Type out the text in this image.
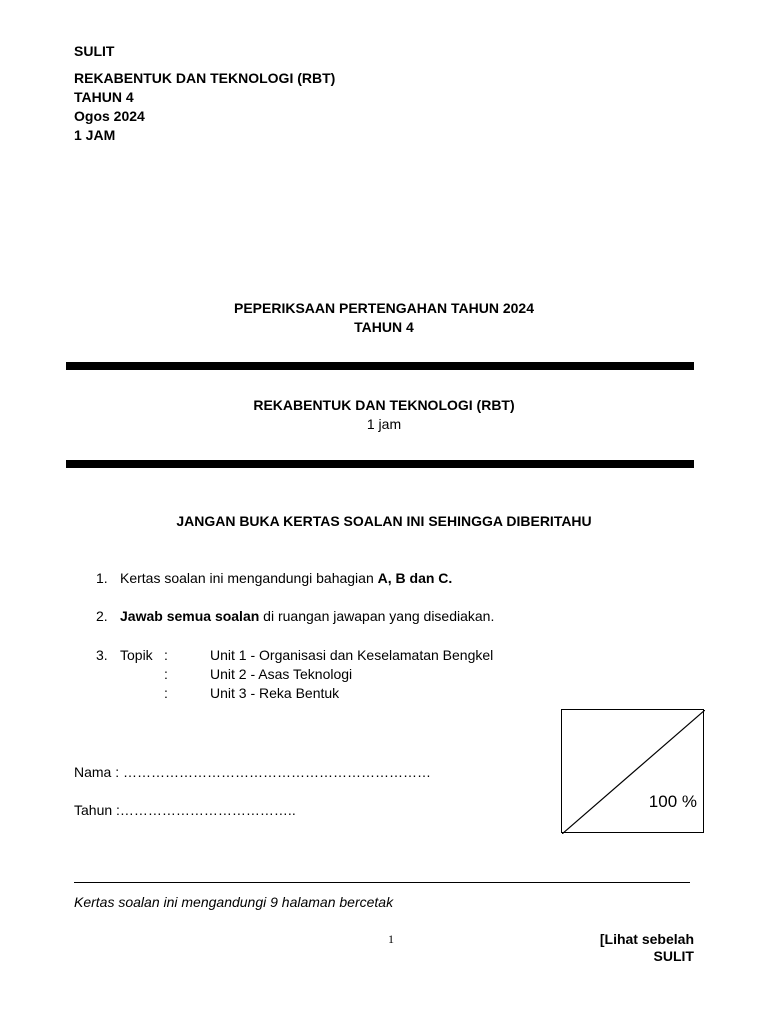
SULIT
REKABENTUK DAN TEKNOLOGI (RBT)
TAHUN 4
Ogos 2024
1 JAM
PEPERIKSAAN PERTENGAHAN TAHUN 2024
TAHUN 4
REKABENTUK DAN TEKNOLOGI (RBT)
1 jam
JANGAN BUKA KERTAS SOALAN INI SEHINGGA DIBERITAHU
1. Kertas soalan ini mengandungi bahagian A, B dan C.
2. Jawab semua soalan di ruangan jawapan yang disediakan.
3. Topik :
:
:
Unit 1 - Organisasi dan Keselamatan Bengkel
Unit 2 - Asas Teknologi
Unit 3 - Reka Bentuk
Nama : …………………………………………………………
Tahun :………………………………..	100 %
Kertas soalan ini mengandungi 9 halaman bercetak
1	[Lihat sebelah
SULIT
